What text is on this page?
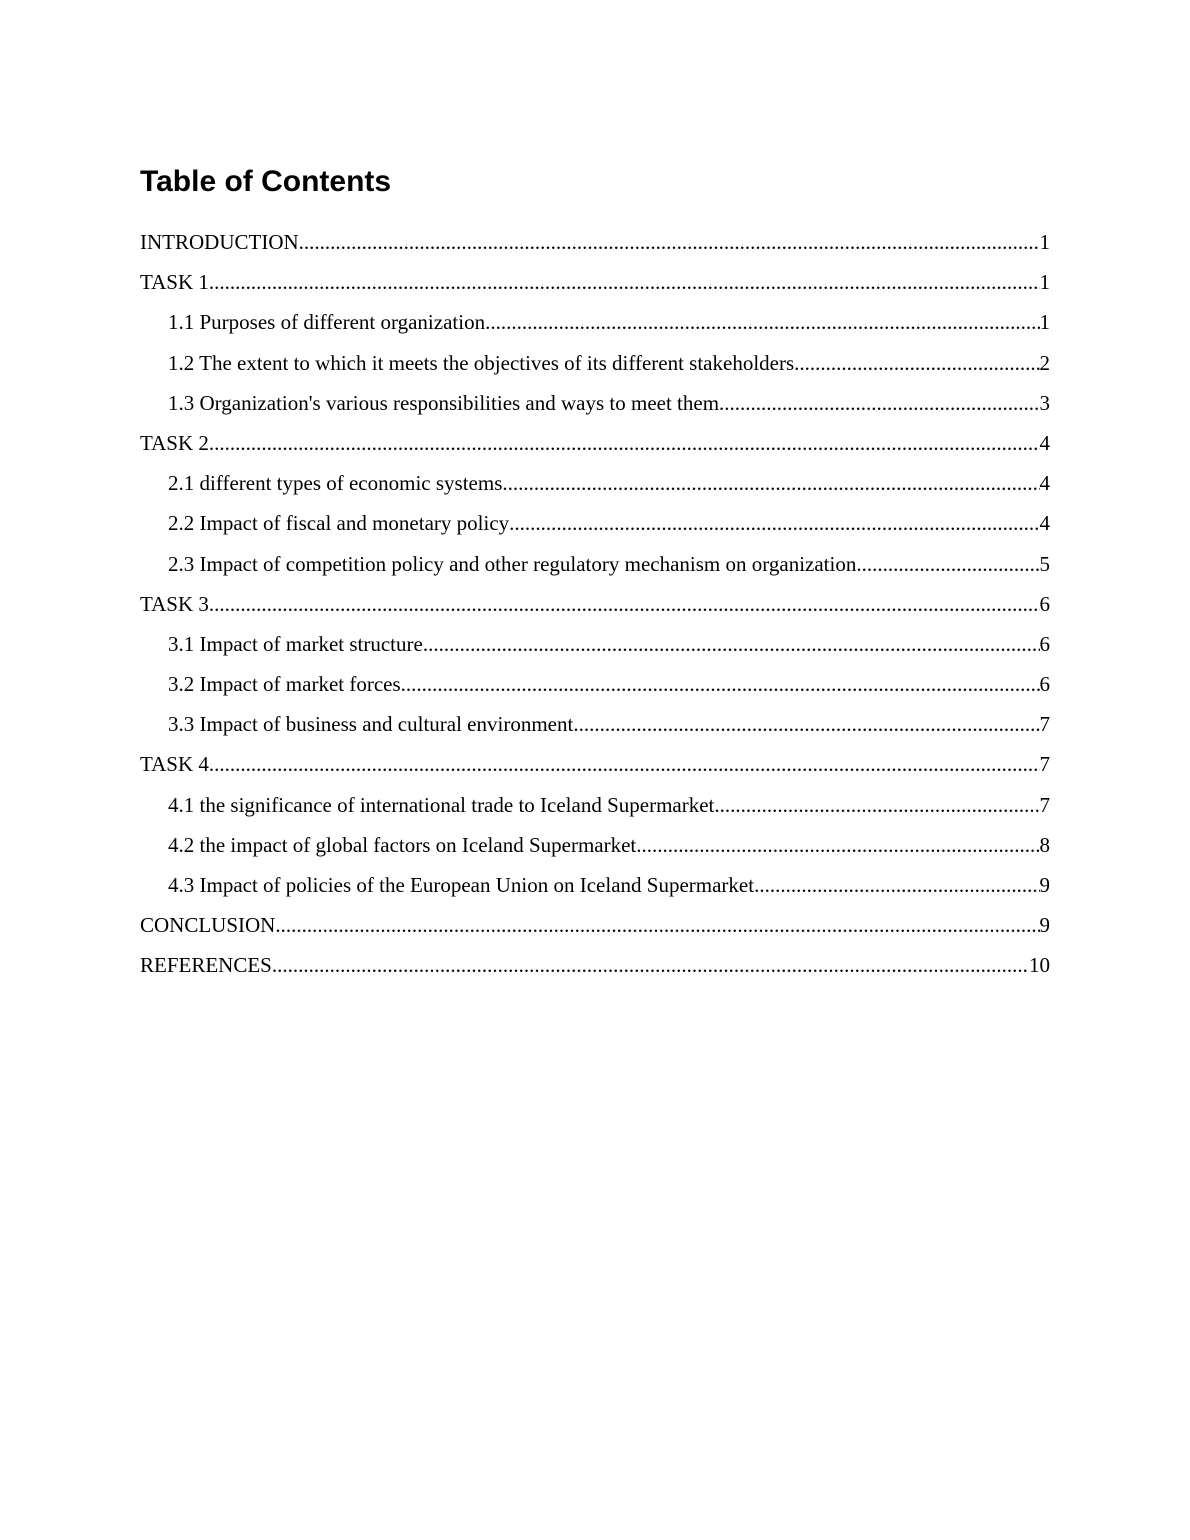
Table of Contents
INTRODUCTION .....	1
TASK 1 .....	1
1.1 Purposes of different organization .....	1
1.2 The extent to which it meets the objectives of its different stakeholders .....	2
1.3 Organization's various responsibilities and ways to meet them .....	3
TASK 2 .....	4
2.1 different types of economic systems .....	4
2.2 Impact of fiscal and monetary policy .....	4
2.3 Impact of competition policy and other regulatory mechanism on organization .....	5
TASK 3 .....	6
3.1 Impact of market structure .....	6
3.2 Impact of market forces .....	6
3.3 Impact of business and cultural environment .....	7
TASK 4 .....	7
4.1 the significance of international trade to Iceland Supermarket .....	7
4.2 the impact of global factors on Iceland Supermarket .....	8
4.3 Impact of policies of the European Union on Iceland Supermarket .....	9
CONCLUSION .....	9
REFERENCES .....	10
